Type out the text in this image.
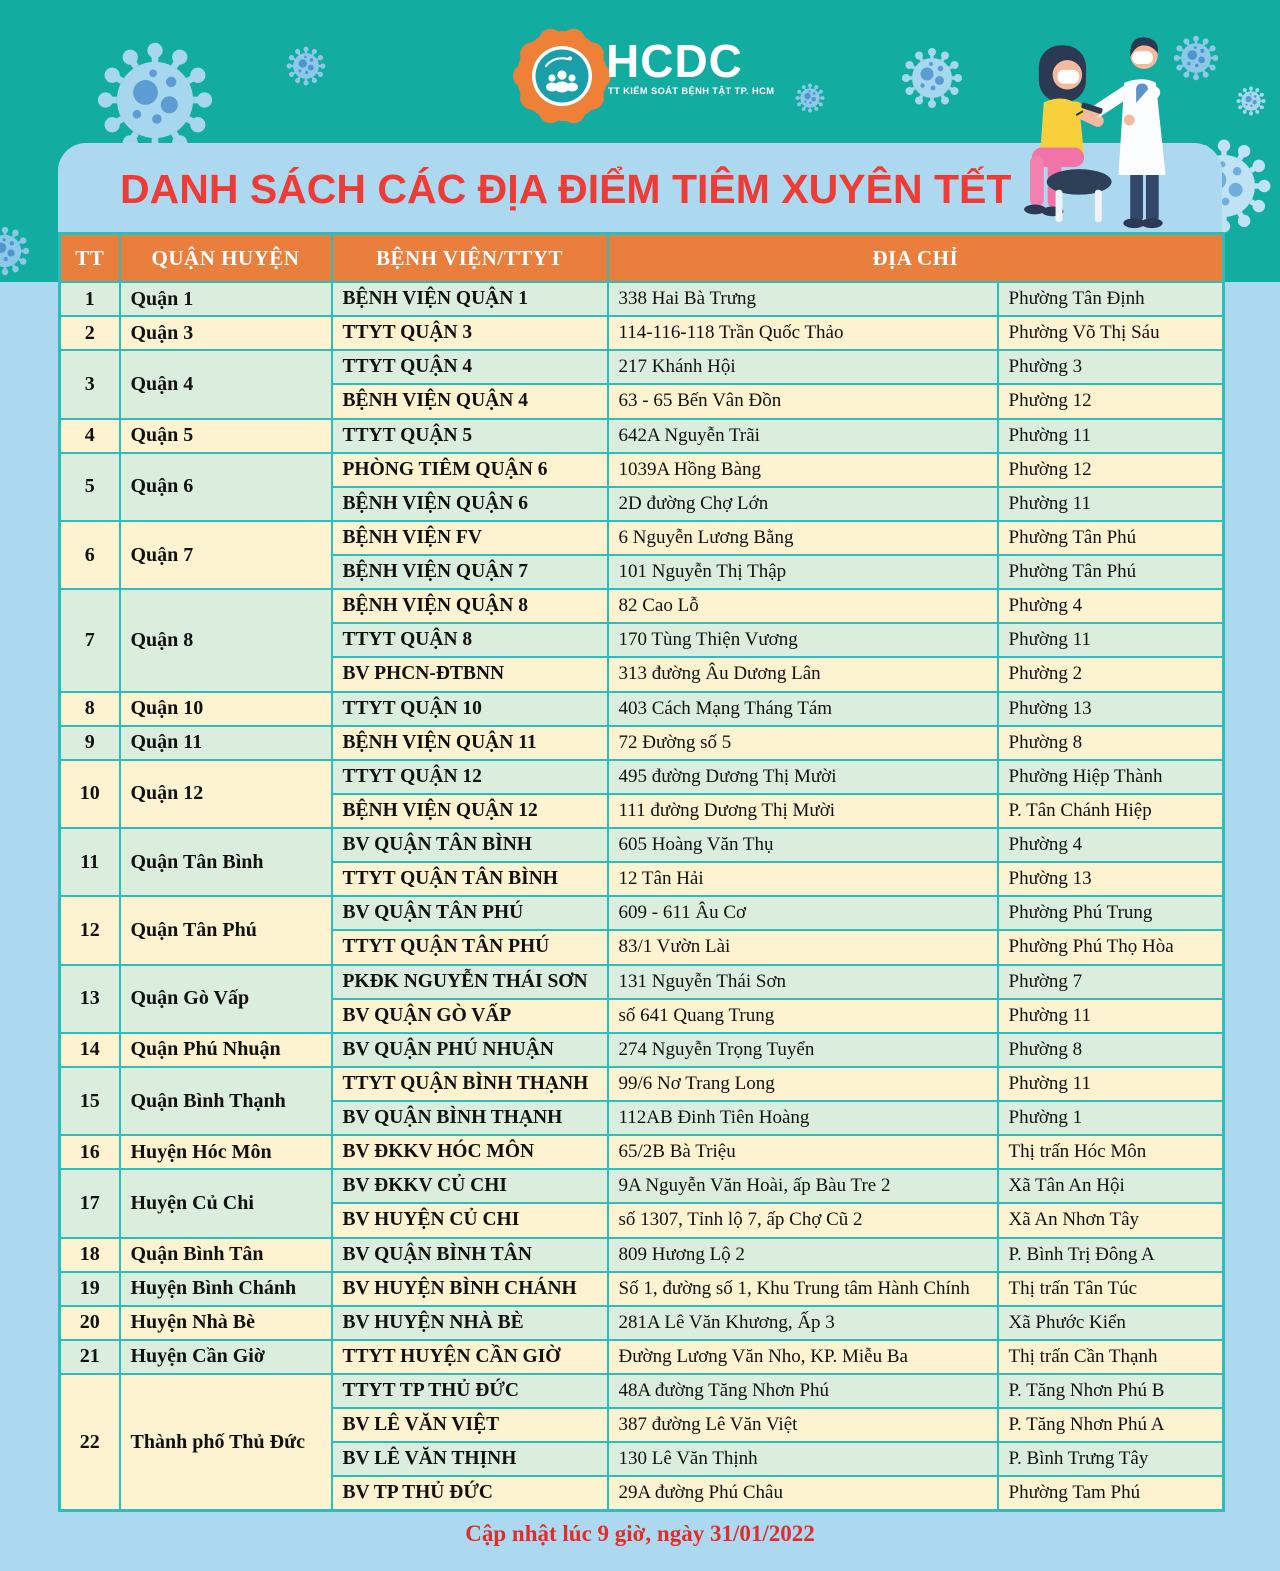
HCDC
TT KIỂM SOÁT BỆNH TẬT TP. HCM
DANH SÁCH CÁC ĐỊA ĐIỂM TIÊM XUYÊN TẾT
TT	QUẬN HUYỆN	BỆNH VIỆN/TTYT	ĐỊA CHỈ	
1	Quận 1	BỆNH VIỆN QUẬN 1	338 Hai Bà Trưng	Phường Tân Định
2	Quận 3	TTYT QUẬN 3	114-116-118 Trần Quốc Thảo	Phường Võ Thị Sáu
3	Quận 4	TTYT QUẬN 4	217 Khánh Hội	Phường 3
		BỆNH VIỆN QUẬN 4	63 - 65 Bến Vân Đồn	Phường 12
4	Quận 5	TTYT QUẬN 5	642A Nguyễn Trãi	Phường 11
5	Quận 6	PHÒNG TIÊM QUẬN 6	1039A Hồng Bàng	Phường 12
		BỆNH VIỆN QUẬN 6	2D đường Chợ Lớn	Phường 11
6	Quận 7	BỆNH VIỆN FV	6 Nguyễn Lương Bằng	Phường Tân Phú
		BỆNH VIỆN QUẬN 7	101 Nguyễn Thị Thập	Phường Tân Phú
7	Quận 8	BỆNH VIỆN QUẬN 8	82 Cao Lỗ	Phường 4
		TTYT QUẬN 8	170 Tùng Thiện Vương	Phường 11
		BV PHCN-ĐTBNN	313 đường Âu Dương Lân	Phường 2
8	Quận 10	TTYT QUẬN 10	403 Cách Mạng Tháng Tám	Phường 13
9	Quận 11	BỆNH VIỆN QUẬN 11	72 Đường số 5	Phường 8
10	Quận 12	TTYT QUẬN 12	495 đường Dương Thị Mười	Phường Hiệp Thành
		BỆNH VIỆN QUẬN 12	111 đường Dương Thị Mười	P. Tân Chánh Hiệp
11	Quận Tân Bình	BV QUẬN TÂN BÌNH	605 Hoàng Văn Thụ	Phường 4
		TTYT QUẬN TÂN BÌNH	12 Tân Hải	Phường 13
12	Quận Tân Phú	BV QUẬN TÂN PHÚ	609 - 611 Âu Cơ	Phường Phú Trung
		TTYT QUẬN TÂN PHÚ	83/1 Vườn Lài	Phường Phú Thọ Hòa
13	Quận Gò Vấp	PKĐK NGUYỄN THÁI SƠN	131 Nguyễn Thái Sơn	Phường 7
		BV QUẬN GÒ VẤP	số 641 Quang Trung	Phường 11
14	Quận Phú Nhuận	BV QUẬN PHÚ NHUẬN	274 Nguyễn Trọng Tuyển	Phường 8
15	Quận Bình Thạnh	TTYT QUẬN BÌNH THẠNH	99/6 Nơ Trang Long	Phường 11
		BV QUẬN BÌNH THẠNH	112AB Đinh Tiên Hoàng	Phường 1
16	Huyện Hóc Môn	BV ĐKKV HÓC MÔN	65/2B Bà Triệu	Thị trấn Hóc Môn
17	Huyện Củ Chi	BV ĐKKV CỦ CHI	9A Nguyễn Văn Hoài, ấp Bàu Tre 2	Xã Tân An Hội
		BV HUYỆN CỦ CHI	số 1307, Tỉnh lộ 7, ấp Chợ Cũ 2	Xã An Nhơn Tây
18	Quận Bình Tân	BV QUẬN BÌNH TÂN	809 Hương Lộ 2	P. Bình Trị Đông A
19	Huyện Bình Chánh	BV HUYỆN BÌNH CHÁNH	Số 1, đường số 1, Khu Trung tâm Hành Chính	Thị trấn Tân Túc
20	Huyện Nhà Bè	BV HUYỆN NHÀ BÈ	281A Lê Văn Khương, Ấp 3	Xã Phước Kiển
21	Huyện Cần Giờ	TTYT HUYỆN CẦN GIỜ	Đường Lương Văn Nho, KP. Miễu Ba	Thị trấn Cần Thạnh
22	Thành phố Thủ Đức	TTYT TP THỦ ĐỨC	48A đường Tăng Nhơn Phú	P. Tăng Nhơn Phú B
		BV LÊ VĂN VIỆT	387 đường Lê Văn Việt	P. Tăng Nhơn Phú A
		BV LÊ VĂN THỊNH	130 Lê Văn Thịnh	P. Bình Trưng Tây
		BV TP THỦ ĐỨC	29A đường Phú Châu	Phường Tam Phú
Cập nhật lúc 9 giờ, ngày 31/01/2022
